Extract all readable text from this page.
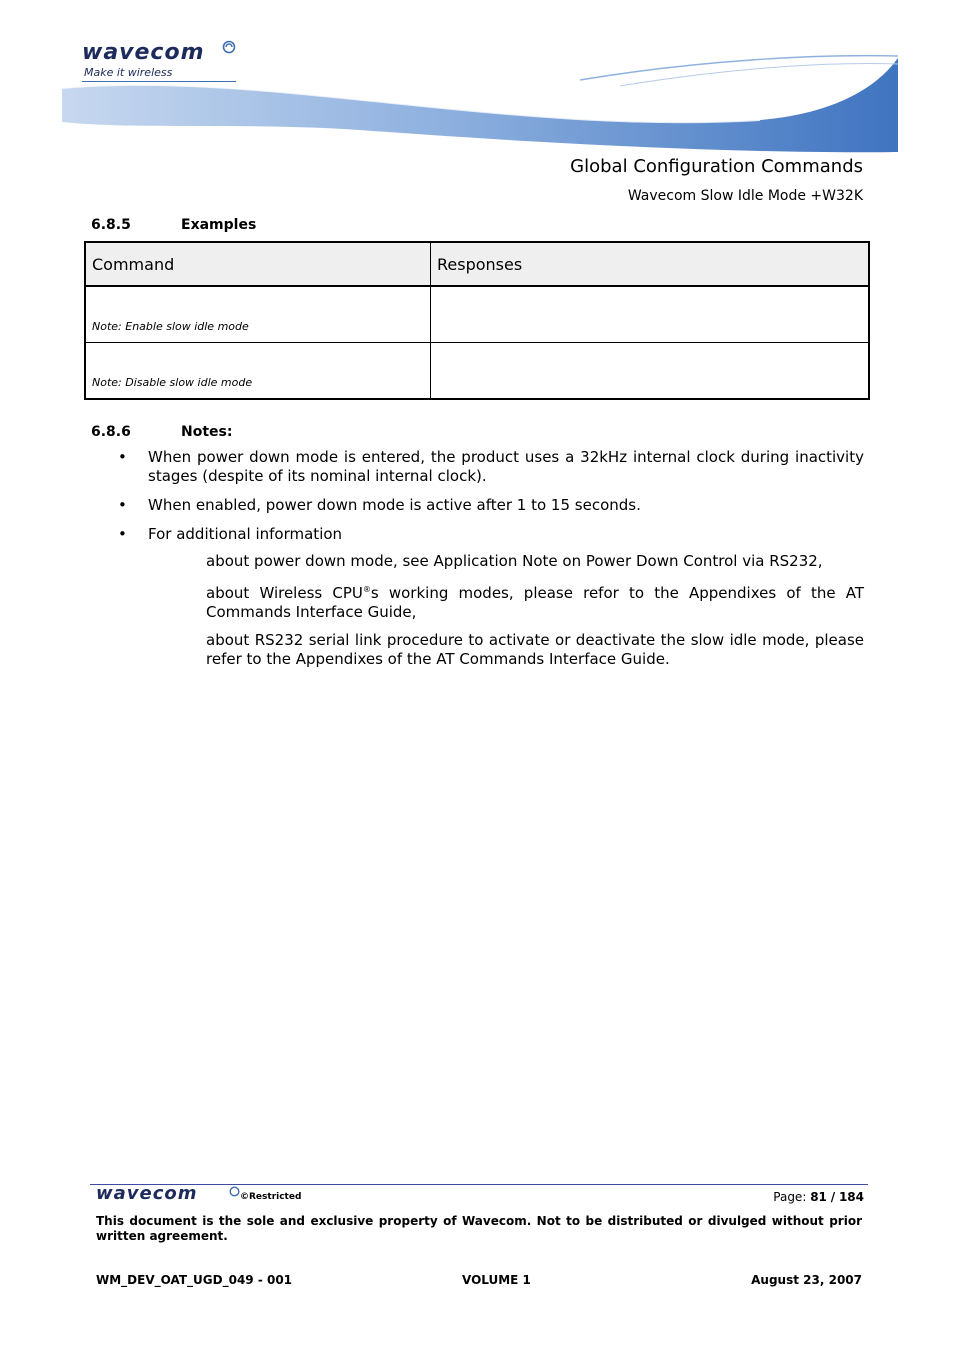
wavecom
Make it wireless
Global Configuration Commands
Wavecom Slow Idle Mode +W32K
6.8.5	Examples
Command	Responses

Note: Enable slow idle mode	

Note: Disable slow idle mode	

6.8.6	Notes:
• When power down mode is entered, the product uses a 32kHz internal clock during inactivity stages (despite of its nominal internal clock).
• When enabled, power down mode is active after 1 to 15 seconds.
• For additional information
about power down mode, see Application Note on Power Down Control via RS232,
about Wireless CPU®s working modes, please refor to the Appendixes of the AT Commands Interface Guide,
about RS232 serial link procedure to activate or deactivate the slow idle mode, please refer to the Appendixes of the AT Commands Interface Guide.
wavecom	©Restricted	Page: 81 / 184
This document is the sole and exclusive property of Wavecom. Not to be distributed or divulged without prior written agreement.
WM_DEV_OAT_UGD_049 - 001	VOLUME 1	August 23, 2007
